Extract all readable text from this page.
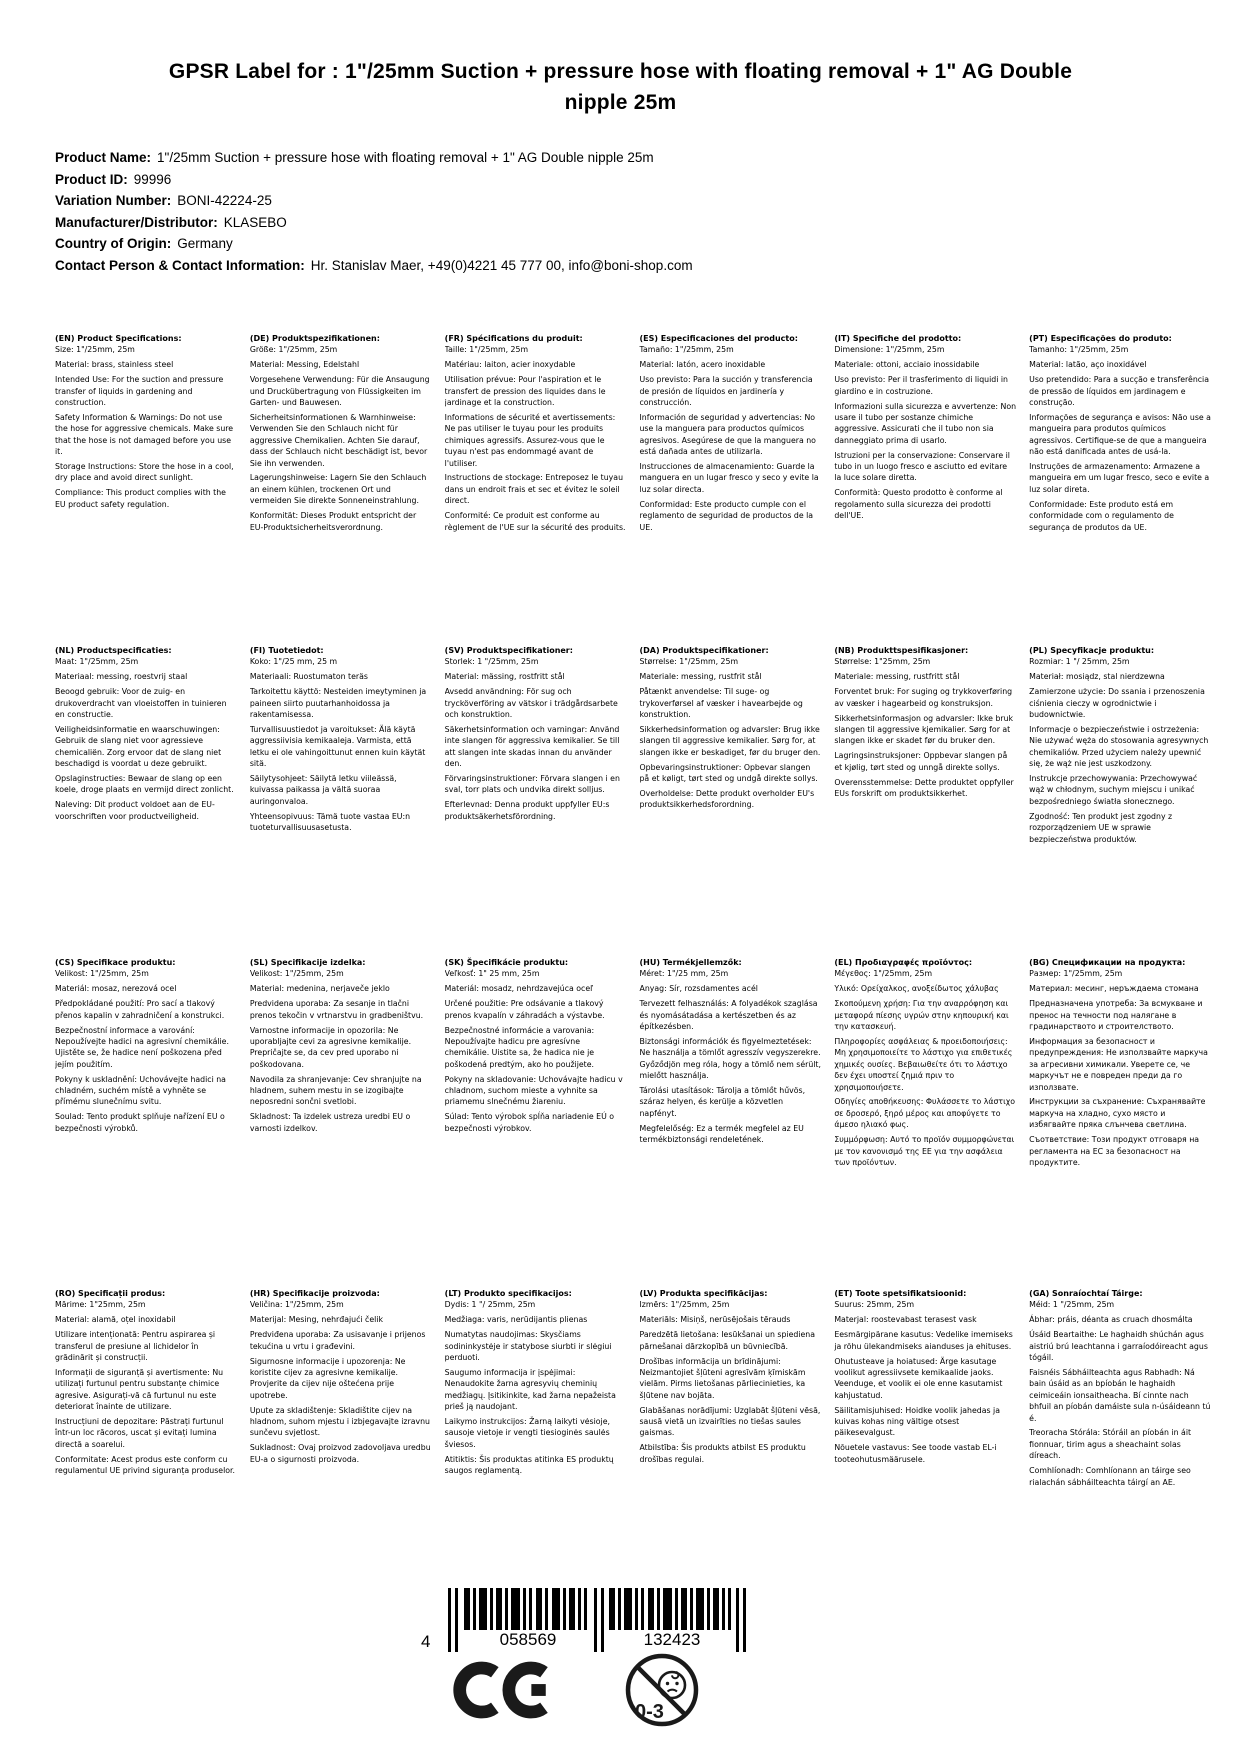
GPSR Label for : 1"/25mm Suction + pressure hose with floating removal + 1" AG Double nipple 25m
Product Name: 1"/25mm Suction + pressure hose with floating removal + 1" AG Double nipple 25m
Product ID: 99996
Variation Number: BONI-42224-25
Manufacturer/Distributor: KLASEBO
Country of Origin: Germany
Contact Person & Contact Information: Hr. Stanislav Maer, +49(0)4221 45 777 00, info@boni-shop.com

(EN) Product Specifications:

Size: 1"/25mm, 25m

Material: brass, stainless steel

Intended Use: For the suction and pressure transfer of liquids in gardening and construction.

Safety Information & Warnings: Do not use the hose for aggressive chemicals. Make sure that the hose is not damaged before you use it.

Storage Instructions: Store the hose in a cool, dry place and avoid direct sunlight.

Compliance: This product complies with the EU product safety regulation.

(DE) Produktspezifikationen:

Größe: 1"/25mm, 25m

Material: Messing, Edelstahl

Vorgesehene Verwendung: Für die Ansaugung und Druckübertragung von Flüssigkeiten im Garten- und Bauwesen.

Sicherheitsinformationen & Warnhinweise: Verwenden Sie den Schlauch nicht für aggressive Chemikalien. Achten Sie darauf, dass der Schlauch nicht beschädigt ist, bevor Sie ihn verwenden.

Lagerungshinweise: Lagern Sie den Schlauch an einem kühlen, trockenen Ort und vermeiden Sie direkte Sonneneinstrahlung.

Konformität: Dieses Produkt entspricht der EU-Produktsicherheitsverordnung.

(FR) Spécifications du produit:

Taille: 1"/25mm, 25m

Matériau: laiton, acier inoxydable

Utilisation prévue: Pour l'aspiration et le transfert de pression des liquides dans le jardinage et la construction.

Informations de sécurité et avertissements: Ne pas utiliser le tuyau pour les produits chimiques agressifs. Assurez-vous que le tuyau n'est pas endommagé avant de l'utiliser.

Instructions de stockage: Entreposez le tuyau dans un endroit frais et sec et évitez le soleil direct.

Conformité: Ce produit est conforme au règlement de l'UE sur la sécurité des produits.

(ES) Especificaciones del producto:

Tamaño: 1"/25mm, 25m

Material: latón, acero inoxidable

Uso previsto: Para la succión y transferencia de presión de líquidos en jardinería y construcción.

Información de seguridad y advertencias: No use la manguera para productos químicos agresivos. Asegúrese de que la manguera no está dañada antes de utilizarla.

Instrucciones de almacenamiento: Guarde la manguera en un lugar fresco y seco y evite la luz solar directa.

Conformidad: Este producto cumple con el reglamento de seguridad de productos de la UE.

(IT) Specifiche del prodotto:

Dimensione: 1"/25mm, 25m

Materiale: ottoni, acciaio inossidabile

Uso previsto: Per il trasferimento di liquidi in giardino e in costruzione.

Informazioni sulla sicurezza e avvertenze: Non usare il tubo per sostanze chimiche aggressive. Assicurati che il tubo non sia danneggiato prima di usarlo.

Istruzioni per la conservazione: Conservare il tubo in un luogo fresco e asciutto ed evitare la luce solare diretta.

Conformità: Questo prodotto è conforme al regolamento sulla sicurezza dei prodotti dell'UE.

(PT) Especificações do produto:

Tamanho: 1"/25mm, 25m

Material: latão, aço inoxidável

Uso pretendido: Para a sucção e transferência de pressão de líquidos em jardinagem e construção.

Informações de segurança e avisos: Não use a mangueira para produtos químicos agressivos. Certifique-se de que a mangueira não está danificada antes de usá-la.

Instruções de armazenamento: Armazene a mangueira em um lugar fresco, seco e evite a luz solar direta.

Conformidade: Este produto está em conformidade com o regulamento de segurança de produtos da UE.

(NL) Productspecificaties:

Maat: 1"/25mm, 25m

Materiaal: messing, roestvrij staal

Beoogd gebruik: Voor de zuig- en drukoverdracht van vloeistoffen in tuinieren en constructie.

Veiligheidsinformatie en waarschuwingen: Gebruik de slang niet voor agressieve chemicaliën. Zorg ervoor dat de slang niet beschadigd is voordat u deze gebruikt.

Opslaginstructies: Bewaar de slang op een koele, droge plaats en vermijd direct zonlicht.

Naleving: Dit product voldoet aan de EU-voorschriften voor productveiligheid.

(FI) Tuotetiedot:

Koko: 1"/25 mm, 25 m

Materiaali: Ruostumaton teräs

Tarkoitettu käyttö: Nesteiden imeytyminen ja paineen siirto puutarhanhoidossa ja rakentamisessa.

Turvallisuustiedot ja varoitukset: Älä käytä aggressiivisia kemikaaleja. Varmista, että letku ei ole vahingoittunut ennen kuin käytät sitä.

Säilytysohjeet: Säilytä letku viileässä, kuivassa paikassa ja vältä suoraa auringonvaloa.

Yhteensopivuus: Tämä tuote vastaa EU:n tuoteturvallisuusasetusta.

(SV) Produktspecifikationer:

Storlek: 1 "/25mm, 25m

Material: mässing, rostfritt stål

Avsedd användning: För sug och trycköverföring av vätskor i trädgårdsarbete och konstruktion.

Säkerhetsinformation och varningar: Använd inte slangen för aggressiva kemikalier. Se till att slangen inte skadas innan du använder den.

Förvaringsinstruktioner: Förvara slangen i en sval, torr plats och undvika direkt solljus.

Efterlevnad: Denna produkt uppfyller EU:s produktsäkerhetsförordning.

(DA) Produktspecifikationer:

Størrelse: 1"/25mm, 25m

Materiale: messing, rustfrit stål

Påtænkt anvendelse: Til suge- og trykoverførsel af væsker i havearbejde og konstruktion.

Sikkerhedsinformation og advarsler: Brug ikke slangen til aggressive kemikalier. Sørg for, at slangen ikke er beskadiget, før du bruger den.

Opbevaringsinstruktioner: Opbevar slangen på et køligt, tørt sted og undgå direkte sollys.

Overholdelse: Dette produkt overholder EU's produktsikkerhedsforordning.

(NB) Produkttspesifikasjoner:

Størrelse: 1"25mm, 25m

Materiale: messing, rustfritt stål

Forventet bruk: For suging og trykkoverføring av væsker i hagearbeid og konstruksjon.

Sikkerhetsinformasjon og advarsler: Ikke bruk slangen til aggressive kjemikalier. Sørg for at slangen ikke er skadet før du bruker den.

Lagringsinstruksjoner: Oppbevar slangen på et kjølig, tørt sted og unngå direkte sollys.

Overensstemmelse: Dette produktet oppfyller EUs forskrift om produktsikkerhet.

(PL) Specyfikacje produktu:

Rozmiar: 1 "/ 25mm, 25m

Materiał: mosiądz, stal nierdzewna

Zamierzone użycie: Do ssania i przenoszenia ciśnienia cieczy w ogrodnictwie i budownictwie.

Informacje o bezpieczeństwie i ostrzeżenia: Nie używać węża do stosowania agresywnych chemikaliów. Przed użyciem należy upewnić się, że wąż nie jest uszkodzony.

Instrukcje przechowywania: Przechowywać wąż w chłodnym, suchym miejscu i unikać bezpośredniego światła słonecznego.

Zgodność: Ten produkt jest zgodny z rozporządzeniem UE w sprawie bezpieczeństwa produktów.

(CS) Specifikace produktu:

Velikost: 1"/25mm, 25m

Materiál: mosaz, nerezová ocel

Předpokládané použití: Pro sací a tlakový přenos kapalin v zahradničení a konstrukci.

Bezpečnostní informace a varování: Nepoužívejte hadici na agresivní chemikálie. Ujistěte se, že hadice není poškozena před jejím použitím.

Pokyny k uskladnění: Uchovávejte hadici na chladném, suchém místě a vyhněte se přímému slunečnímu svitu.

Soulad: Tento produkt splňuje nařízení EU o bezpečnosti výrobků.

(SL) Specifikacije izdelka:

Velikost: 1"/25mm, 25m

Material: medenina, nerjaveče jeklo

Predvidena uporaba: Za sesanje in tlačni prenos tekočin v vrtnarstvu in gradbeništvu.

Varnostne informacije in opozorila: Ne uporabljajte cevi za agresivne kemikalije. Prepričajte se, da cev pred uporabo ni poškodovana.

Navodila za shranjevanje: Cev shranjujte na hladnem, suhem mestu in se izogibajte neposredni sončni svetlobi.

Skladnost: Ta izdelek ustreza uredbi EU o varnosti izdelkov.

(SK) Špecifikácie produktu:

Veľkosť: 1" 25 mm, 25m

Materiál: mosadz, nehrdzavejúca oceľ

Určené použitie: Pre odsávanie a tlakový prenos kvapalín v záhradách a výstavbe.

Bezpečnostné informácie a varovania: Nepoužívajte hadicu pre agresívne chemikálie. Uistite sa, že hadica nie je poškodená predtým, ako ho použijete.

Pokyny na skladovanie: Uchovávajte hadicu v chladnom, suchom mieste a vyhnite sa priamemu slnečnému žiareniu.

Súlad: Tento výrobok spĺňa nariadenie EÚ o bezpečnosti výrobkov.

(HU) Termékjellemzők:

Méret: 1"/25 mm, 25m

Anyag: Sír, rozsdamentes acél

Tervezett felhasználás: A folyadékok szaglása és nyomásátadása a kertészetben és az építkezésben.

Biztonsági információk és figyelmeztetések: Ne használja a tömlőt agresszív vegyszerekre. Győződjön meg róla, hogy a tömlő nem sérült, mielőtt használja.

Tárolási utasítások: Tárolja a tömlőt hűvös, száraz helyen, és kerülje a közvetlen napfényt.

Megfelelőség: Ez a termék megfelel az EU termékbiztonsági rendeletének.

(EL) Προδιαγραφές προϊόντος:

Μέγεθος: 1"/25mm, 25m

Υλικό: Ορείχαλκος, ανοξείδωτος χάλυβας

Σκοπούμενη χρήση: Για την αναρρόφηση και μεταφορά πίεσης υγρών στην κηπουρική και την κατασκευή.

Πληροφορίες ασφάλειας & προειδοποιήσεις: Μη χρησιμοποιείτε το λάστιχο για επιθετικές χημικές ουσίες. Βεβαιωθείτε ότι το λάστιχο δεν έχει υποστεί ζημιά πριν το χρησιμοποιήσετε.

Οδηγίες αποθήκευσης: Φυλάσσετε το λάστιχο σε δροσερό, ξηρό μέρος και αποφύγετε το άμεσο ηλιακό φως.

Συμμόρφωση: Αυτό το προϊόν συμμορφώνεται με τον κανονισμό της ΕΕ για την ασφάλεια των προϊόντων.

(BG) Спецификации на продукта:

Размер: 1"/25mm, 25m

Материал: месинг, неръждаема стомана

Предназначена употреба: За всмукване и пренос на течности под налягане в градинарството и строителството.

Информация за безопасност и предупреждения: Не използвайте маркуча за агресивни химикали. Уверете се, че маркучът не е повреден преди да го използвате.

Инструкции за съхранение: Съхранявайте маркуча на хладно, сухо място и избягвайте пряка слънчева светлина.

Съответствие: Този продукт отговаря на регламента на ЕС за безопасност на продуктите.

(RO) Specificații produs:

Mărime: 1"25mm, 25m

Material: alamă, oțel inoxidabil

Utilizare intenționată: Pentru aspirarea și transferul de presiune al lichidelor în grădinărit și construcții.

Informații de siguranță și avertismente: Nu utilizați furtunul pentru substanțe chimice agresive. Asigurați-vă că furtunul nu este deteriorat înainte de utilizare.

Instrucțiuni de depozitare: Păstrați furtunul într-un loc răcoros, uscat și evitați lumina directă a soarelui.

Conformitate: Acest produs este conform cu regulamentul UE privind siguranța produselor.

(HR) Specifikacije proizvoda:

Veličina: 1"/25mm, 25m

Materijal: Mesing, nehrđajući čelik

Predviđena uporaba: Za usisavanje i prijenos tekućina u vrtu i građevini.

Sigurnosne informacije i upozorenja: Ne koristite cijev za agresivne kemikalije. Provjerite da cijev nije oštećena prije upotrebe.

Upute za skladištenje: Skladištite cijev na hladnom, suhom mjestu i izbjegavajte izravnu sunčevu svjetlost.

Sukladnost: Ovaj proizvod zadovoljava uredbu EU-a o sigurnosti proizvoda.

(LT) Produkto specifikacijos:

Dydis: 1 "/ 25mm, 25m

Medžiaga: varis, nerūdijantis plienas

Numatytas naudojimas: Skysčiams sodininkystėje ir statybose siurbti ir slėgiui perduoti.

Saugumo informacija ir įspėjimai: Nenaudokite žarna agresyvių cheminių medžiagų. Įsitikinkite, kad žarna nepažeista prieš ją naudojant.

Laikymo instrukcijos: Žarną laikyti vėsioje, sausoje vietoje ir vengti tiesioginės saulės šviesos.

Atitiktis: Šis produktas atitinka ES produktų saugos reglamentą.

(LV) Produkta specifikācijas:

Izmērs: 1"/25mm, 25m

Materiāls: Misiņš, nerūsējošais tērauds

Paredzētā lietošana: Iesūkšanai un spiediena pārnešanai dārzkopībā un būvniecībā.

Drošības informācija un brīdinājumi: Neizmantojiet šļūteni agresīvām ķīmiskām vielām. Pirms lietošanas pārliecinieties, ka šļūtene nav bojāta.

Glabāšanas norādījumi: Uzglabāt šļūteni vēsā, sausā vietā un izvairīties no tiešas saules gaismas.

Atbilstība: Šis produkts atbilst ES produktu drošības regulai.

(ET) Toote spetsifikatsioonid:

Suurus: 25mm, 25m

Materjal: roostevabast terasest vask

Eesmärgipärane kasutus: Vedelike imemiseks ja rõhu ülekandmiseks aianduses ja ehituses.

Ohutusteave ja hoiatused: Ärge kasutage voolikut agressiivsete kemikaalide jaoks. Veenduge, et voolik ei ole enne kasutamist kahjustatud.

Säilitamisjuhised: Hoidke voolik jahedas ja kuivas kohas ning vältige otsest päikesevalgust.

Nõuetele vastavus: See toode vastab EL-i tooteohutusmäärusele.

(GA) Sonraíochtaí Táirge:

Méid: 1 "/25mm, 25m

Ábhar: práis, déanta as cruach dhosmálta

Úsáid Beartaithe: Le haghaidh shúchán agus aistriú brú leachtanna i garraíodóireacht agus tógáil.

Faisnéis Sábháilteachta agus Rabhadh: Ná bain úsáid as an bpíobán le haghaidh ceimiceáin ionsaitheacha. Bí cinnte nach bhfuil an píobán damáiste sula n-úsáideann tú é.

Treoracha Stórála: Stóráil an píobán in áit fionnuar, tirim agus a sheachaint solas díreach.

Comhlíonadh: Comhlíonann an táirge seo rialachán sábháilteachta táirgí an AE.

4	058569	132423
0-3
